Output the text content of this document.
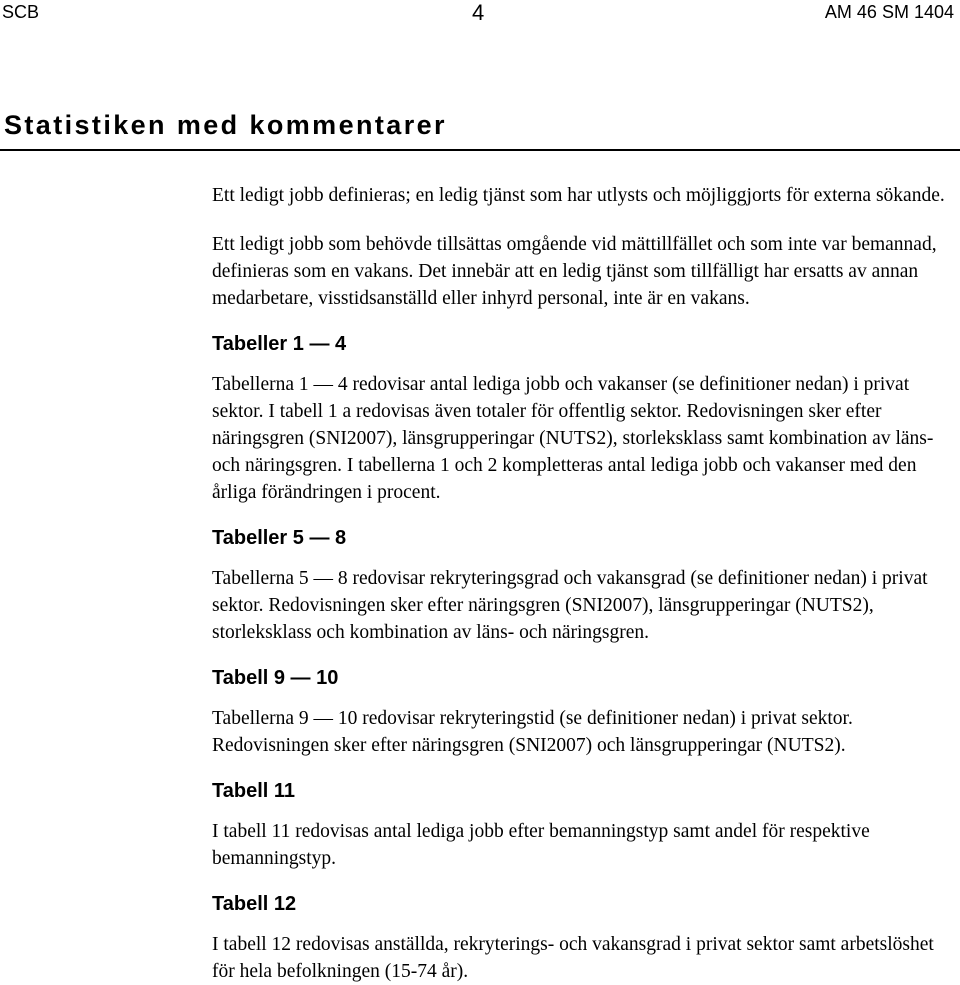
SCB	4	AM 46 SM 1404
Statistiken med kommentarer

Ett ledigt jobb definieras; en ledig tjänst som har utlysts och möjliggjorts för externa sökande.

Ett ledigt jobb som behövde tillsättas omgående vid mättillfället och som inte var bemannad, definieras som en vakans. Det innebär att en ledig tjänst som tillfälligt har ersatts av annan medarbetare, visstidsanställd eller inhyrd personal, inte är en vakans.

Tabeller 1 — 4

Tabellerna 1 — 4 redovisar antal lediga jobb och vakanser (se definitioner nedan) i privat sektor. I tabell 1 a redovisas även totaler för offentlig sektor. Redovisningen sker efter näringsgren (SNI2007), länsgrupperingar (NUTS2), storleksklass samt kombination av läns- och näringsgren. I tabellerna 1 och 2 kompletteras antal lediga jobb och vakanser med den årliga förändringen i procent.

Tabeller 5 — 8

Tabellerna 5 — 8 redovisar rekryteringsgrad och vakansgrad (se definitioner nedan) i privat sektor. Redovisningen sker efter näringsgren (SNI2007), länsgrupperingar (NUTS2), storleksklass och kombination av läns- och näringsgren.

Tabell 9 — 10

Tabellerna 9 — 10 redovisar rekryteringstid (se definitioner nedan) i privat sektor. Redovisningen sker efter näringsgren (SNI2007) och länsgrupperingar (NUTS2).

Tabell 11

I tabell 11 redovisas antal lediga jobb efter bemanningstyp samt andel för respektive bemanningstyp.

Tabell 12

I tabell 12 redovisas anställda, rekryterings- och vakansgrad i privat sektor samt arbetslöshet för hela befolkningen (15-74 år).
